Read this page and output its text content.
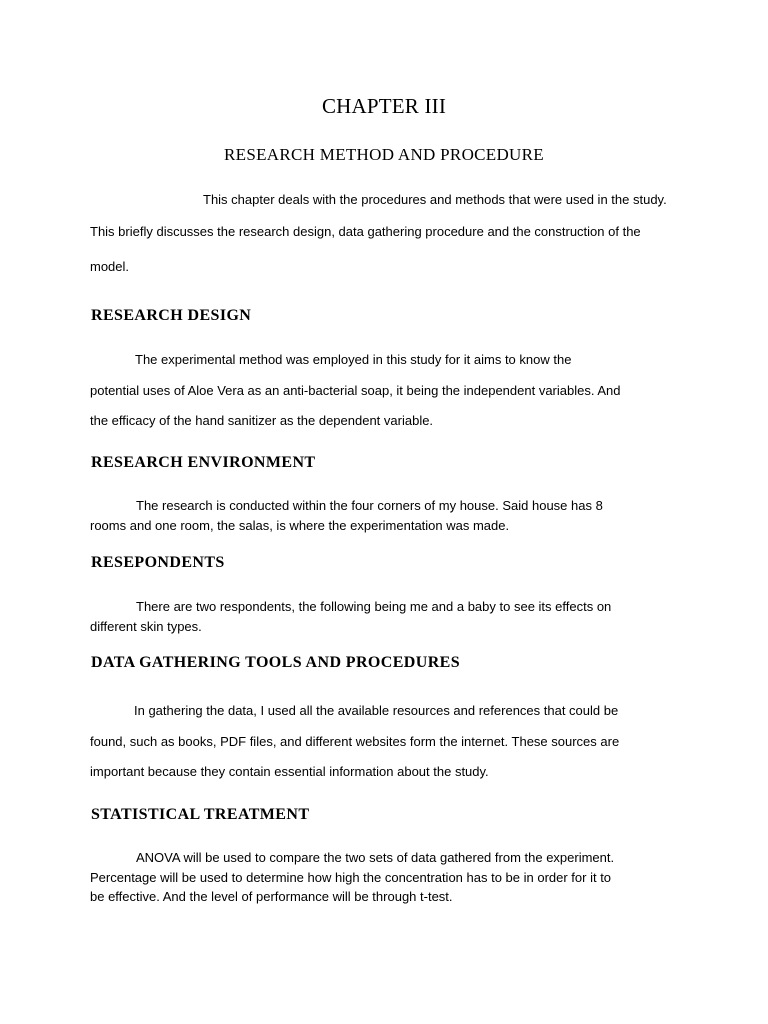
CHAPTER III
RESEARCH METHOD AND PROCEDURE
This chapter deals with the procedures and methods that were used in the study.
This briefly discusses the research design, data gathering procedure and the construction of the
model.
RESEARCH DESIGN
The experimental method was employed in this study for it aims to know the
potential uses of Aloe Vera as an anti-bacterial soap, it being the independent variables. And
the efficacy of the hand sanitizer as the dependent variable.
RESEARCH ENVIRONMENT
The research is conducted within the four corners of my house. Said house has 8
rooms and one room, the salas, is where the experimentation was made.
RESEPONDENTS
There are two respondents, the following being me and a baby to see its effects on
different skin types.
DATA GATHERING TOOLS AND PROCEDURES
In gathering the data, I used all the available resources and references that could be
found, such as books, PDF files, and different websites form the internet. These sources are
important because they contain essential information about the study.
STATISTICAL TREATMENT
ANOVA will be used to compare the two sets of data gathered from the experiment.
Percentage will be used to determine how high the concentration has to be in order for it to
be effective. And the level of performance will be through t-test.
